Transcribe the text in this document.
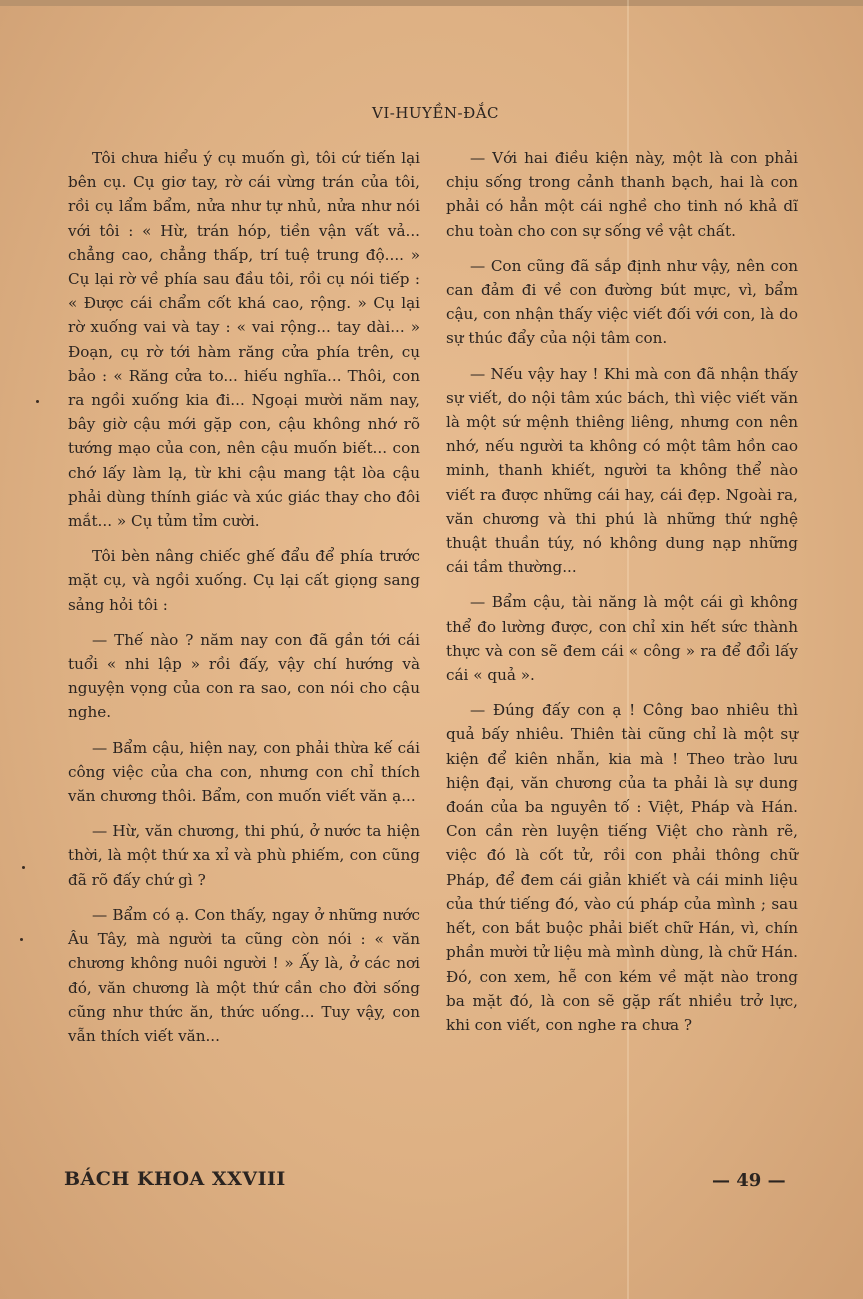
VI-HUYỀN-ĐẮC

Tôi chưa hiểu ý cụ muốn gì, tôi cứ tiến lại bên cụ. Cụ giơ tay, rờ cái vừng trán của tôi, rồi cụ lẩm bẩm, nửa như tự nhủ, nửa như nói với tôi : « Hừ, trán hóp, tiền vận vất vả... chẳng cao, chẳng thấp, trí tuệ trung độ.... » Cụ lại rờ về phía sau đầu tôi, rồi cụ nói tiếp : « Được cái chẩm cốt khá cao, rộng. » Cụ lại rờ xuống vai và tay : « vai rộng... tay dài... » Đoạn, cụ rờ tới hàm răng cửa phía trên, cụ bảo : « Răng cửa to... hiếu nghĩa... Thôi, con ra ngồi xuống kia đi... Ngoại mười năm nay, bây giờ cậu mới gặp con, cậu không nhớ rõ tướng mạo của con, nên cậu muốn biết... con chớ lấy làm lạ, từ khi cậu mang tật lòa cậu phải dùng thính giác và xúc giác thay cho đôi mắt... » Cụ tủm tỉm cười.

Tôi bèn nâng chiếc ghế đẩu để phía trước mặt cụ, và ngồi xuống. Cụ lại cất giọng sang sảng hỏi tôi :

— Thế nào ? năm nay con đã gần tới cái tuổi « nhi lập » rồi đấy, vậy chí hướng và nguyện vọng của con ra sao, con nói cho cậu nghe.

— Bẩm cậu, hiện nay, con phải thừa kế cái công việc của cha con, nhưng con chỉ thích văn chương thôi. Bẩm, con muốn viết văn ạ...

— Hừ, văn chương, thi phú, ở nước ta hiện thời, là một thứ xa xỉ và phù phiếm, con cũng đã rõ đấy chứ gì ?

— Bẩm có ạ. Con thấy, ngay ở những nước Âu Tây, mà người ta cũng còn nói : « văn chương không nuôi người ! » Ấy là, ở các nơi đó, văn chương là một thứ cần cho đời sống cũng như thức ăn, thức uống... Tuy vậy, con vẫn thích viết văn...

— Với hai điều kiện này, một là con phải chịu sống trong cảnh thanh bạch, hai là con phải có hẳn một cái nghề cho tinh nó khả dĩ chu toàn cho con sự sống về vật chất.

— Con cũng đã sắp định như vậy, nên con can đảm đi về con đường bút mực, vì, bẩm cậu, con nhận thấy việc viết đối với con, là do sự thúc đẩy của nội tâm con.

— Nếu vậy hay ! Khi mà con đã nhận thấy sự viết, do nội tâm xúc bách, thì việc viết văn là một sứ mệnh thiêng liêng, nhưng con nên nhớ, nếu người ta không có một tâm hồn cao minh, thanh khiết, người ta không thể nào viết ra được những cái hay, cái đẹp. Ngoài ra, văn chương và thi phú là những thứ nghệ thuật thuần túy, nó không dung nạp những cái tầm thường...

— Bẩm cậu, tài năng là một cái gì không thể đo lường được, con chỉ xin hết sức thành thực và con sẽ đem cái « công » ra để đổi lấy cái « quả ».

— Đúng đấy con ạ ! Công bao nhiêu thì quả bấy nhiêu. Thiên tài cũng chỉ là một sự kiện để kiên nhẫn, kia mà ! Theo trào lưu hiện đại, văn chương của ta phải là sự dung đoán của ba nguyên tố : Việt, Pháp và Hán. Con cần rèn luyện tiếng Việt cho rành rẽ, việc đó là cốt tử, rồi con phải thông chữ Pháp, để đem cái giản khiết và cái minh liệu của thứ tiếng đó, vào cú pháp của mình ; sau hết, con bắt buộc phải biết chữ Hán, vì, chín phần mười tử liệu mà mình dùng, là chữ Hán. Đó, con xem, hễ con kém về mặt nào trong ba mặt đó, là con sẽ gặp rất nhiều trở lực, khi con viết, con nghe ra chưa ?

BÁCH KHOA XXVIII	— 49 —
